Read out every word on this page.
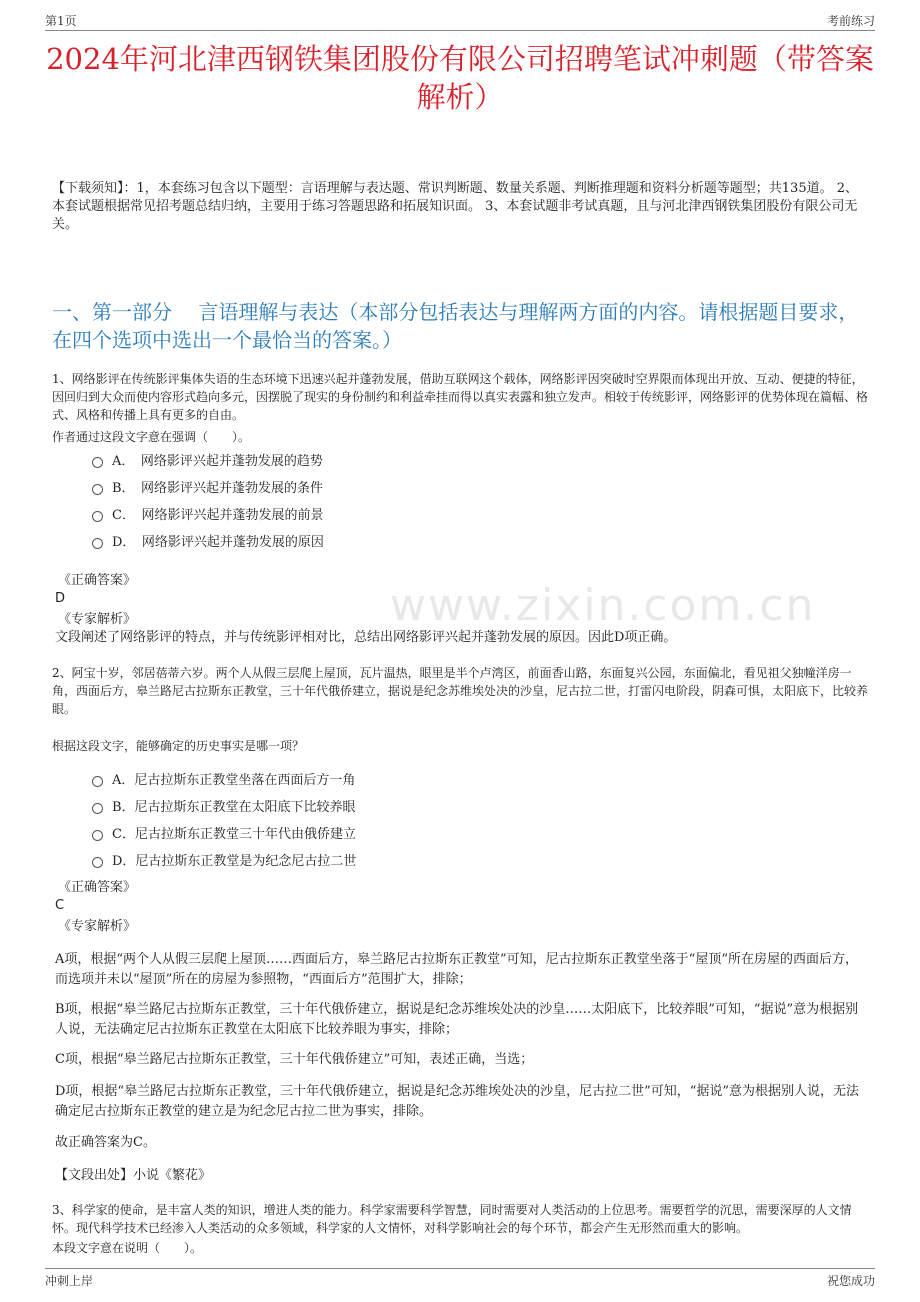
第1页	考前练习
2024年河北津西钢铁集团股份有限公司招聘笔试冲刺题（带答案解析）
【下载须知】：1，本套练习包含以下题型：言语理解与表达题、常识判断题、数量关系题、判断推理题和资料分析题等题型；共135道。 2、本套试题根据常见招考题总结归纳，主要用于练习答题思路和拓展知识面。 3、本套试题非考试真题，且与河北津西钢铁集团股份有限公司无关。
一、第一部分　 言语理解与表达（本部分包括表达与理解两方面的内容。请根据题目要求，在四个选项中选出一个最恰当的答案。）
www.zixin.com.cn
1、网络影评在传统影评集体失语的生态环境下迅速兴起并蓬勃发展，借助互联网这个载体，网络影评因突破时空界限而体现出开放、互动、便捷的特征，因回归到大众而使内容形式趋向多元，因摆脱了现实的身份制约和利益牵挂而得以真实表露和独立发声。相较于传统影评，网络影评的优势体现在篇幅、格式、风格和传播上具有更多的自由。
作者通过这段文字意在强调（　　）。
A．　网络影评兴起并蓬勃发展的趋势
B．　网络影评兴起并蓬勃发展的条件
C．　网络影评兴起并蓬勃发展的前景
D．　网络影评兴起并蓬勃发展的原因
《正确答案》
D
《专家解析》
文段阐述了网络影评的特点，并与传统影评相对比，总结出网络影评兴起并蓬勃发展的原因。因此D项正确。
2、阿宝十岁，邻居蓓蒂六岁。两个人从假三层爬上屋顶，瓦片温热，眼里是半个卢湾区，前面香山路，东面复兴公园，东面偏北，看见祖父独幢洋房一角，西面后方，皋兰路尼古拉斯东正教堂，三十年代俄侨建立，据说是纪念苏维埃处决的沙皇，尼古拉二世，打雷闪电阶段，阴森可惧，太阳底下，比较养眼。
根据这段文字，能够确定的历史事实是哪一项？
A．尼古拉斯东正教堂坐落在西面后方一角
B．尼古拉斯东正教堂在太阳底下比较养眼
C．尼古拉斯东正教堂三十年代由俄侨建立
D．尼古拉斯东正教堂是为纪念尼古拉二世
《正确答案》
C
《专家解析》
A项，根据“两个人从假三层爬上屋顶……西面后方，皋兰路尼古拉斯东正教堂”可知，尼古拉斯东正教堂坐落于“屋顶”所在房屋的西面后方，而选项并未以“屋顶”所在的房屋为参照物，“西面后方”范围扩大，排除；
B项，根据“皋兰路尼古拉斯东正教堂，三十年代俄侨建立，据说是纪念苏维埃处决的沙皇……太阳底下，比较养眼”可知，“据说”意为根据别人说，无法确定尼古拉斯东正教堂在太阳底下比较养眼为事实，排除；
C项，根据“皋兰路尼古拉斯东正教堂，三十年代俄侨建立”可知，表述正确，当选；
D项，根据“皋兰路尼古拉斯东正教堂，三十年代俄侨建立，据说是纪念苏维埃处决的沙皇，尼古拉二世”可知，“据说”意为根据别人说，无法确定尼古拉斯东正教堂的建立是为纪念尼古拉二世为事实，排除。
故正确答案为C。
【文段出处】小说《繁花》
3、科学家的使命，是丰富人类的知识，增进人类的能力。科学家需要科学智慧，同时需要对人类活动的上位思考。需要哲学的沉思，需要深厚的人文情怀。现代科学技术已经渗入人类活动的众多领域，科学家的人文情怀，对科学影响社会的每个环节，都会产生无形然而重大的影响。
本段文字意在说明（　　）。
冲刺上岸	祝您成功
